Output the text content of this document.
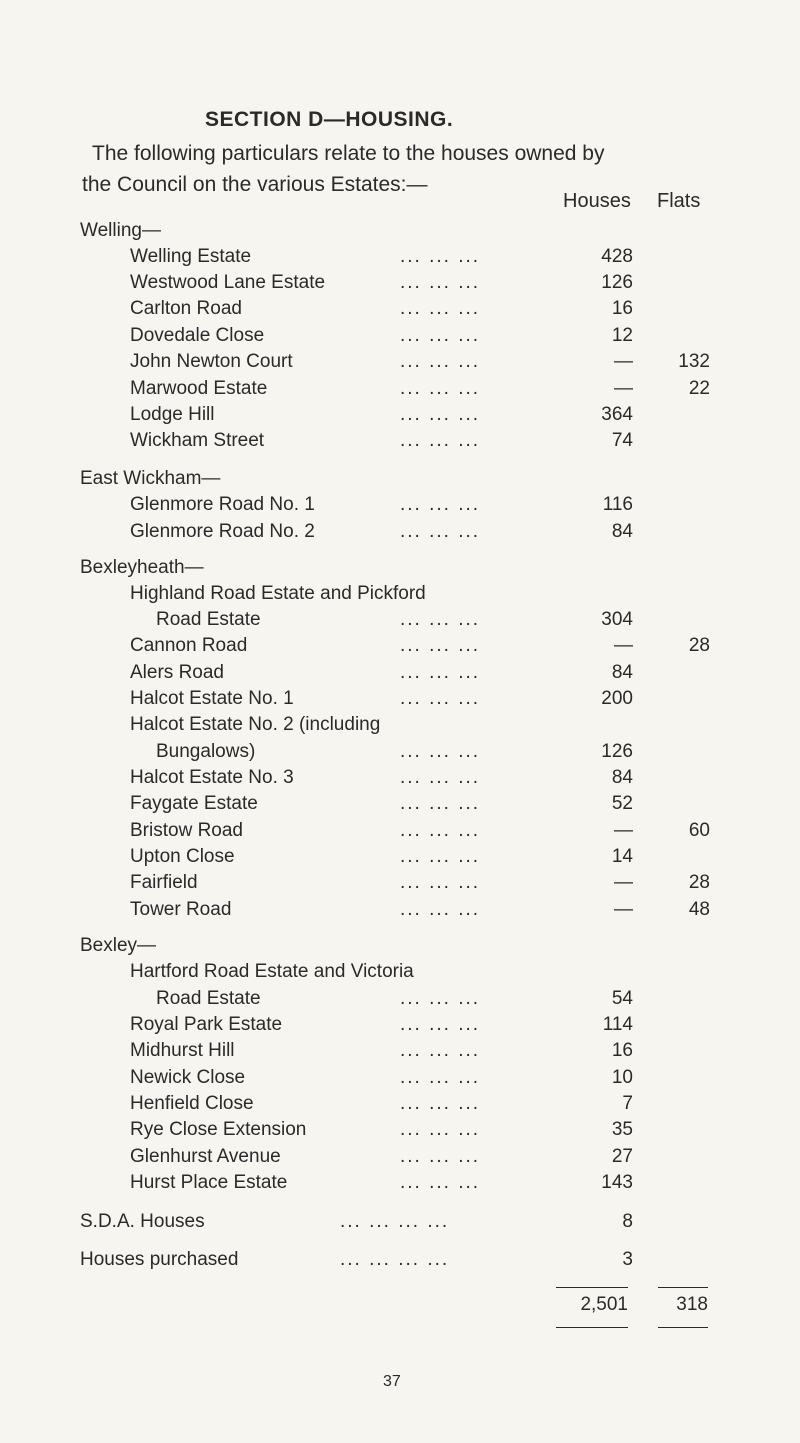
SECTION D—HOUSING.
The following particulars relate to the houses owned by
the Council on the various Estates:—
Houses Flats
Welling—
Welling Estate	... ... ...	428
Westwood Lane Estate	... ... ...	126
Carlton Road	... ... ...	16
Dovedale Close	... ... ...	12
John Newton Court	... ... ...	—	132
Marwood Estate	... ... ...	—	22
Lodge Hill	... ... ...	364
Wickham Street	... ... ...	74
East Wickham—
Glenmore Road No. 1	... ... ...	116
Glenmore Road No. 2	... ... ...	84
Bexleyheath—
Highland Road Estate and Pickford
Road Estate	... ... ...	304
Cannon Road	... ... ...	—	28
Alers Road	... ... ...	84
Halcot Estate No. 1	... ... ...	200
Halcot Estate No. 2 (including
Bungalows)	... ... ...	126
Halcot Estate No. 3	... ... ...	84
Faygate Estate	... ... ...	52
Bristow Road	... ... ...	—	60
Upton Close	... ... ...	14
Fairfield	... ... ...	—	28
Tower Road	... ... ...	—	48
Bexley—
Hartford Road Estate and Victoria
Road Estate	... ... ...	54
Royal Park Estate	... ... ...	114
Midhurst Hill	... ... ...	16
Newick Close	... ... ...	10
Henfield Close	... ... ...	7
Rye Close Extension	... ... ...	35
Glenhurst Avenue	... ... ...	27
Hurst Place Estate	... ... ...	143
S.D.A. Houses	... ... ... ...	8
Houses purchased	... ... ... ...	3
2,501	318
37
